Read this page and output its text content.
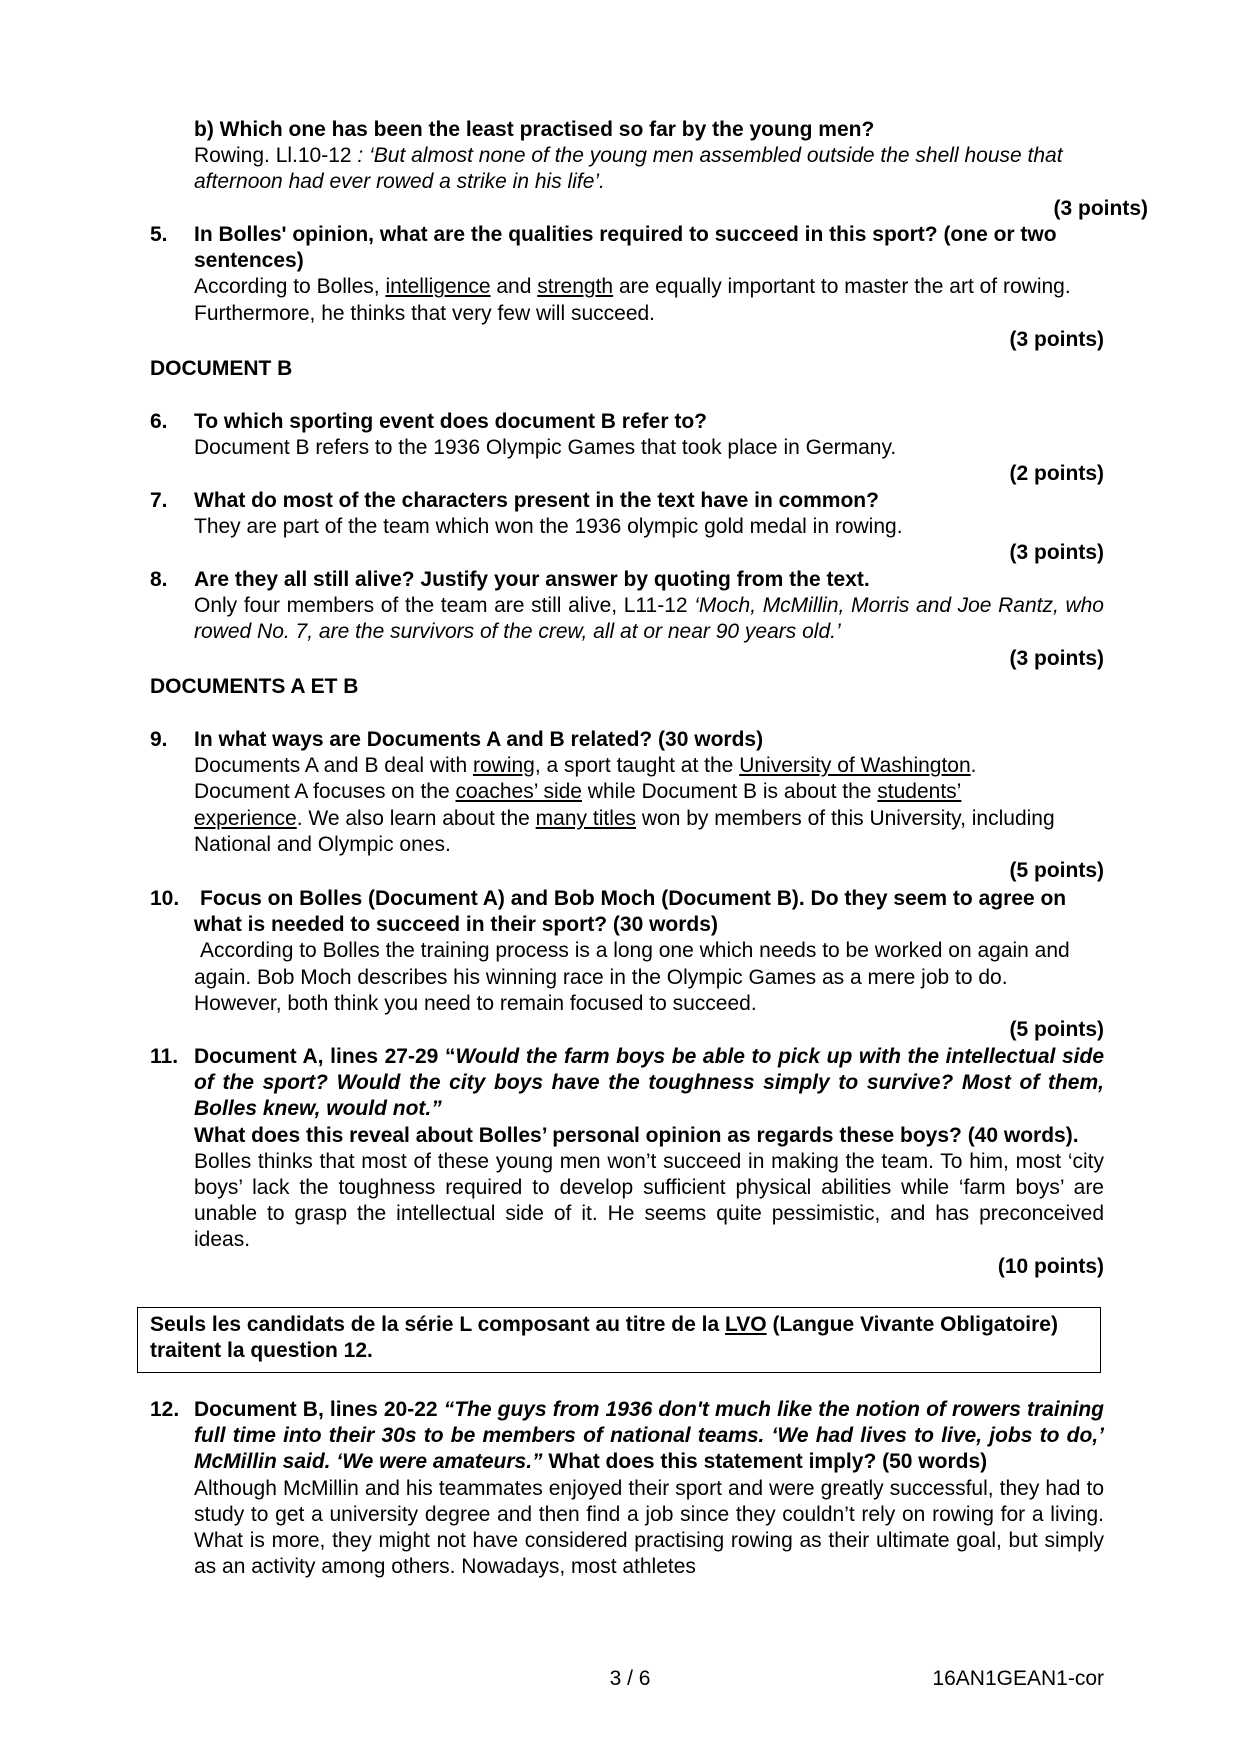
b) Which one has been the least practised so far by the young men?
Rowing. Ll.10-12 : ‘But almost none of the young men assembled outside the shell house that afternoon had ever rowed a strike in his life’.
(3 points)
5.	In Bolles' opinion, what are the qualities required to succeed in this sport? (one or two sentences)
According to Bolles, intelligence and strength are equally important to master the art of rowing. Furthermore, he thinks that very few will succeed.
(3 points)
DOCUMENT B
6.	To which sporting event does document B refer to?
Document B refers to the 1936 Olympic Games that took place in Germany.
(2 points)
7.	What do most of the characters present in the text have in common?
They are part of the team which won the 1936 olympic gold medal in rowing.
(3 points)
8.	Are they all still alive? Justify your answer by quoting from the text.
Only four members of the team are still alive, L11-12 ‘Moch, McMillin, Morris and Joe Rantz, who rowed No. 7, are the survivors of the crew, all at or near 90 years old.’
(3 points)
DOCUMENTS A ET B
9.	In what ways are Documents A and B related? (30 words)
Documents A and B deal with rowing, a sport taught at the University of Washington. Document A focuses on the coaches’ side while Document B is about the students’ experience. We also learn about the many titles won by members of this University, including National and Olympic ones.
(5 points)
10. Focus on Bolles (Document A) and Bob Moch (Document B). Do they seem to agree on what is needed to succeed in their sport? (30 words)
According to Bolles the training process is a long one which needs to be worked on again and again. Bob Moch describes his winning race in the Olympic Games as a mere job to do. However, both think you need to remain focused to succeed.
(5 points)
11. Document A, lines 27-29 “Would the farm boys be able to pick up with the intellectual side of the sport? Would the city boys have the toughness simply to survive? Most of them, Bolles knew, would not.”
What does this reveal about Bolles’ personal opinion as regards these boys? (40 words).
Bolles thinks that most of these young men won’t succeed in making the team. To him, most ‘city boys’ lack the toughness required to develop sufficient physical abilities while ‘farm boys’ are unable to grasp the intellectual side of it. He seems quite pessimistic, and has preconceived ideas.
(10 points)
Seuls les candidats de la série L composant au titre de la LVO (Langue Vivante Obligatoire) traitent la question 12.
12. Document B, lines 20-22 “The guys from 1936 don't much like the notion of rowers training full time into their 30s to be members of national teams. ‘We had lives to live, jobs to do,’ McMillin said. ‘We were amateurs.” What does this statement imply? (50 words)
Although McMillin and his teammates enjoyed their sport and were greatly successful, they had to study to get a university degree and then find a job since they couldn’t rely on rowing for a living. What is more, they might not have considered practising rowing as their ultimate goal, but simply as an activity among others. Nowadays, most athletes
3 / 6	16AN1GEAN1-cor
